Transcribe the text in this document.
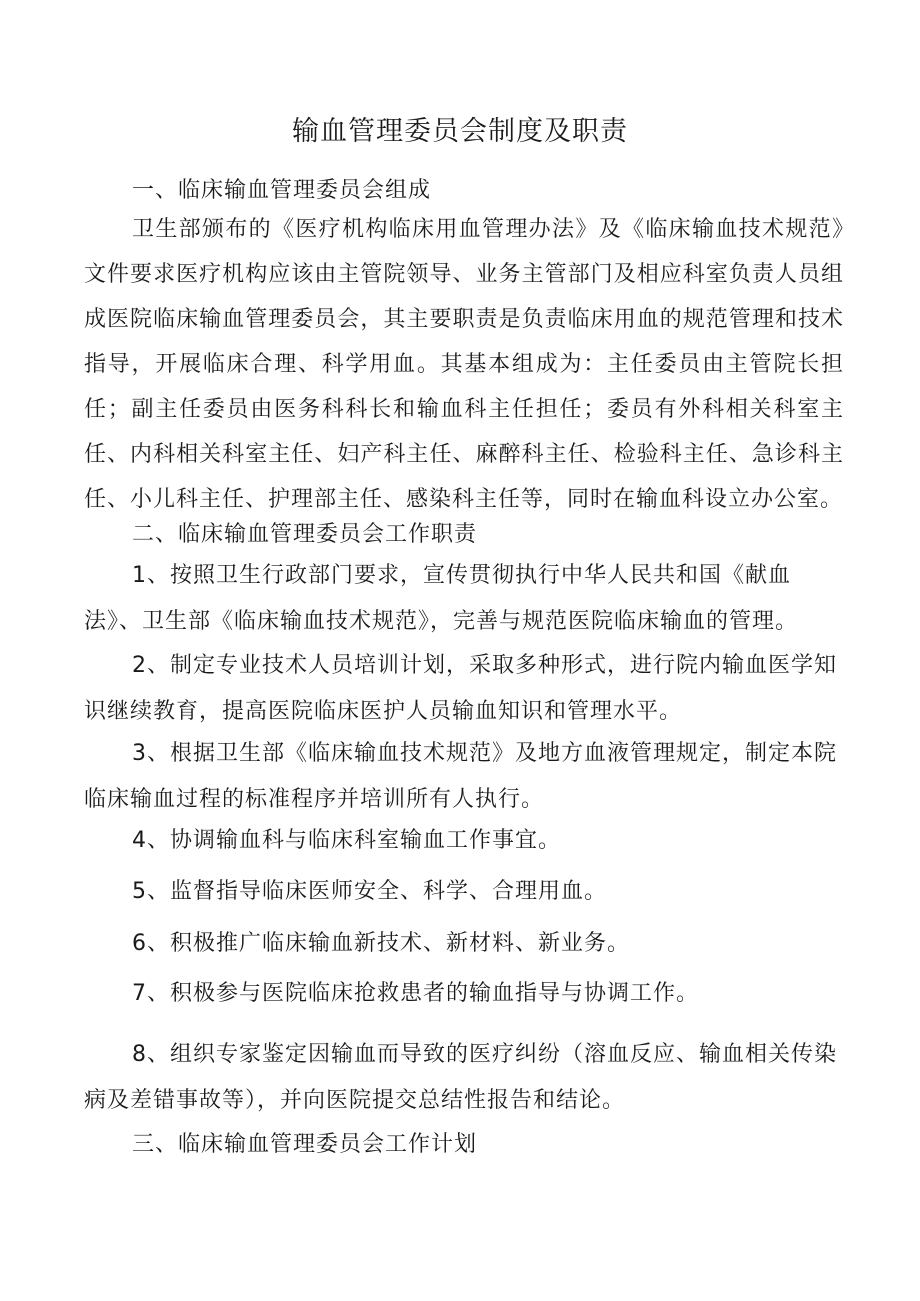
输血管理委员会制度及职责
一、临床输血管理委员会组成

卫生部颁布的《医疗机构临床用血管理办法》及《临床输血技术规范》文件要求医疗机构应该由主管院领导、业务主管部门及相应科室负责人员组成医院临床输血管理委员会，其主要职责是负责临床用血的规范管理和技术指导，开展临床合理、科学用血。其基本组成为：主任委员由主管院长担任；副主任委员由医务科科长和输血科主任担任；委员有外科相关科室主任、内科相关科室主任、妇产科主任、麻醉科主任、检验科主任、急诊科主任、小儿科主任、护理部主任、感染科主任等，同时在输血科设立办公室。

二、临床输血管理委员会工作职责

1、按照卫生行政部门要求，宣传贯彻执行中华人民共和国《献血法》、卫生部《临床输血技术规范》，完善与规范医院临床输血的管理。

2、制定专业技术人员培训计划，采取多种形式，进行院内输血医学知识继续教育，提高医院临床医护人员输血知识和管理水平。

3、根据卫生部《临床输血技术规范》及地方血液管理规定，制定本院临床输血过程的标准程序并培训所有人执行。

4、协调输血科与临床科室输血工作事宜。

5、监督指导临床医师安全、科学、合理用血。

6、积极推广临床输血新技术、新材料、新业务。

7、积极参与医院临床抢救患者的输血指导与协调工作。

8、组织专家鉴定因输血而导致的医疗纠纷（溶血反应、输血相关传染病及差错事故等），并向医院提交总结性报告和结论。

三、临床输血管理委员会工作计划
